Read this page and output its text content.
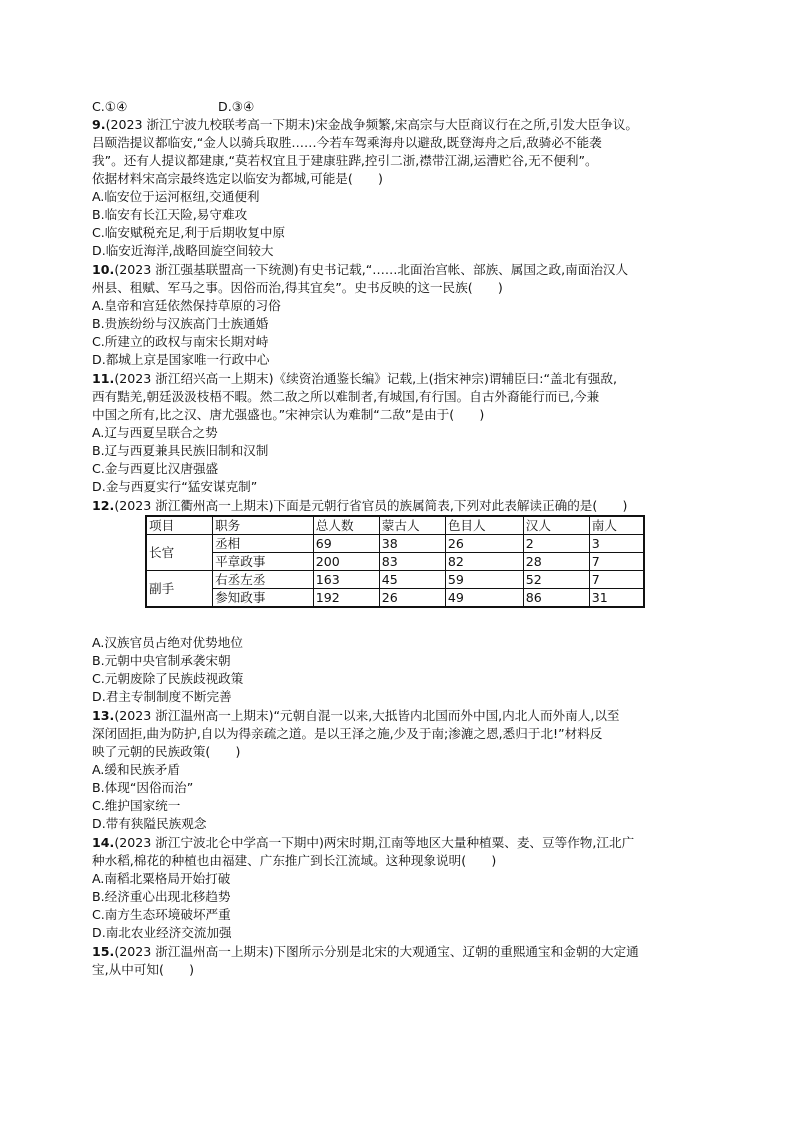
C.①④	D.③④
9.(2023 浙江宁波九校联考高一下期末)宋金战争频繁,宋高宗与大臣商议行在之所,引发大臣争议。
吕颐浩提议都临安,“金人以骑兵取胜……今若车驾乘海舟以避敌,既登海舟之后,敌骑必不能袭
我”。还有人提议都建康,“莫若权宜且于建康驻跸,控引二浙,襟带江湖,运漕贮谷,无不便利”。
依据材料宋高宗最终选定以临安为都城,可能是(　　)
A.临安位于运河枢纽,交通便利
B.临安有长江天险,易守难攻
C.临安赋税充足,利于后期收复中原
D.临安近海洋,战略回旋空间较大
10.(2023 浙江强基联盟高一下统测)有史书记载,“……北面治宫帐、部族、属国之政,南面治汉人
州县、租赋、军马之事。因俗而治,得其宜矣”。史书反映的这一民族(　　)
A.皇帝和宫廷依然保持草原的习俗
B.贵族纷纷与汉族高门士族通婚
C.所建立的政权与南宋长期对峙
D.都城上京是国家唯一行政中心
11.(2023 浙江绍兴高一上期末)《续资治通鉴长编》记载,上(指宋神宗)谓辅臣曰:“盖北有强敌,
西有黠羌,朝廷汲汲枝梧不暇。然二敌之所以难制者,有城国,有行国。自古外裔能行而已,今兼
中国之所有,比之汉、唐尤强盛也。”宋神宗认为难制“二敌”是由于(　　)
A.辽与西夏呈联合之势
B.辽与西夏兼具民族旧制和汉制
C.金与西夏比汉唐强盛
D.金与西夏实行“猛安谋克制”
12.(2023 浙江衢州高一上期末)下面是元朝行省官员的族属简表,下列对此表解读正确的是(　　)
项目	职务	总人数	蒙古人	色目人	汉人	南人
长官	丞相	69	38	26	2	3
	平章政事	200	83	82	28	7
副手	右丞左丞	163	45	59	52	7
	参知政事	192	26	49	86	31
A.汉族官员占绝对优势地位
B.元朝中央官制承袭宋朝
C.元朝废除了民族歧视政策
D.君主专制制度不断完善
13.(2023 浙江温州高一上期末)“元朝自混一以来,大抵皆内北国而外中国,内北人而外南人,以至
深闭固拒,曲为防护,自以为得亲疏之道。是以王泽之施,少及于南;渗漉之恩,悉归于北!”材料反
映了元朝的民族政策(　　)
A.缓和民族矛盾
B.体现“因俗而治”
C.维护国家统一
D.带有狭隘民族观念
14.(2023 浙江宁波北仑中学高一下期中)两宋时期,江南等地区大量种植粟、麦、豆等作物,江北广
种水稻,棉花的种植也由福建、广东推广到长江流域。这种现象说明(　　)
A.南稻北粟格局开始打破
B.经济重心出现北移趋势
C.南方生态环境破坏严重
D.南北农业经济交流加强
15.(2023 浙江温州高一上期末)下图所示分别是北宋的大观通宝、辽朝的重熙通宝和金朝的大定通
宝,从中可知(　　)
